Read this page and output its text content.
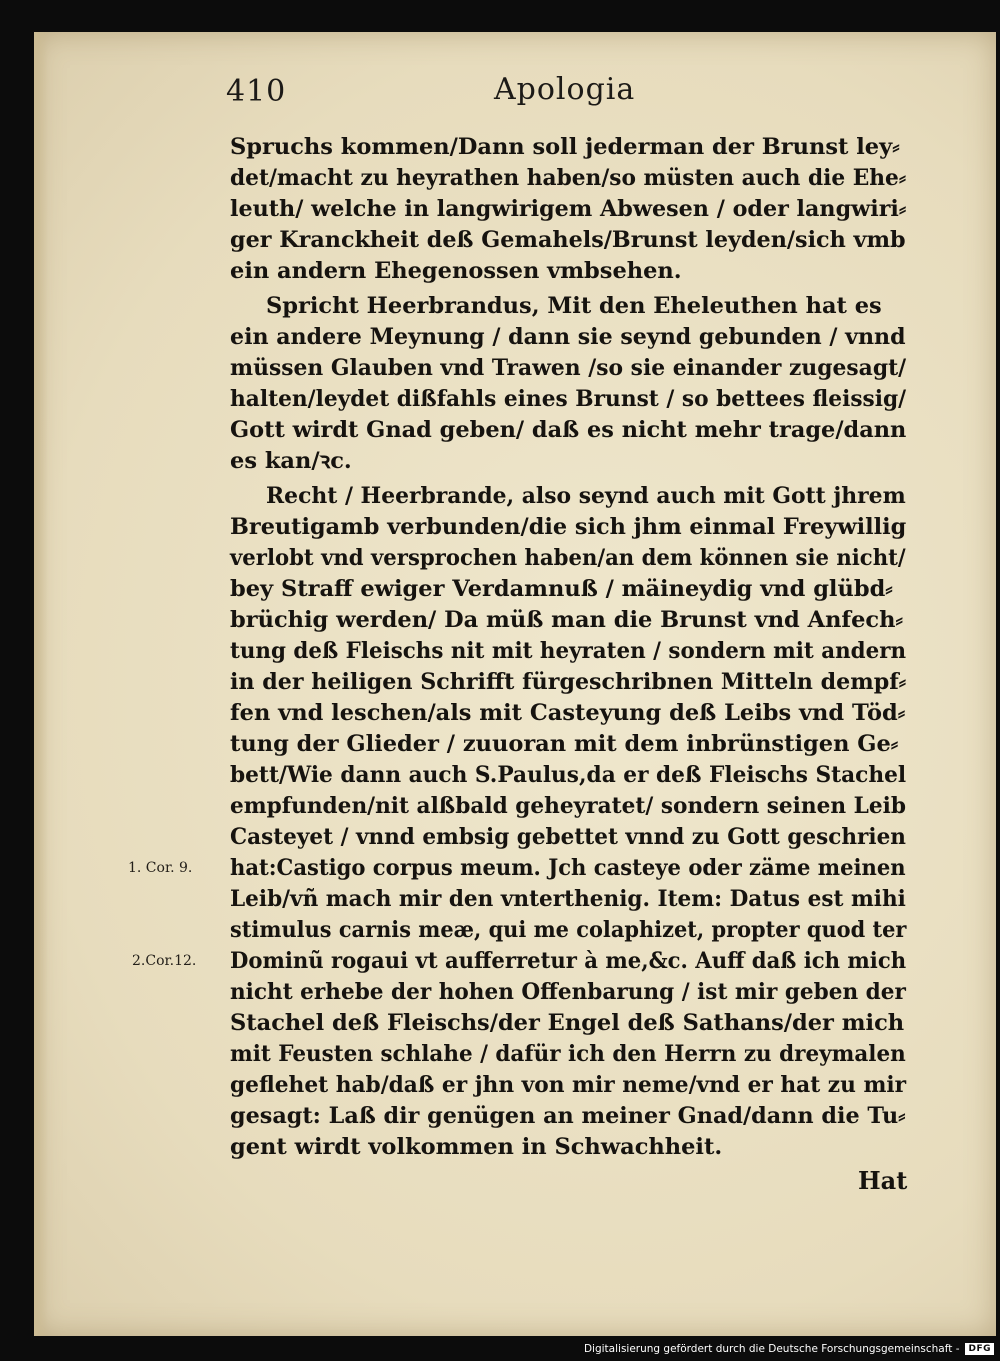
410	Apologia
Spruchs kommen/Dann soll jederman der Brunst ley⸗
det/macht zu heyrathen haben/so müsten auch die Ehe⸗
leuth/ welche in langwirigem Abwesen / oder langwiri⸗
ger Kranckheit deß Gemahels/Brunst leyden/sich vmb
ein andern Ehegenossen vmbsehen.
Spricht Heerbrandus, Mit den Eheleuthen hat es
ein andere Meynung / dann sie seynd gebunden / vnnd
müssen Glauben vnd Trawen /so sie einander zugesagt/
halten/leydet dißfahls eines Brunst / so bettees fleissig/
Gott wirdt Gnad geben/ daß es nicht mehr trage/dann
es kan/ꝛc.
Recht / Heerbrande, also seynd auch mit Gott jhrem
Breutigamb verbunden/die sich jhm einmal Freywillig
verlobt vnd versprochen haben/an dem können sie nicht/
bey Straff ewiger Verdamnuß / mäineydig vnd glübd⸗
brüchig werden/ Da müß man die Brunst vnd Anfech⸗
tung deß Fleischs nit mit heyraten / sondern mit andern
in der heiligen Schrifft fürgeschribnen Mitteln dempf⸗
fen vnd leschen/als mit Casteyung deß Leibs vnd Töd⸗
tung der Glieder / zuuoran mit dem inbrünstigen Ge⸗
bett/Wie dann auch S.Paulus,da er deß Fleischs Stachel
empfunden/nit alßbald geheyratet/ sondern seinen Leib
Casteyet / vnnd embsig gebettet vnnd zu Gott geschrien
hat:Castigo corpus meum. Jch casteye oder zäme meinen
Leib/vñ mach mir den vnterthenig. Item: Datus est mihi
stimulus carnis meæ, qui me colaphizet, propter quod ter
Dominũ rogaui vt aufferretur à me,&c. Auff daß ich mich
nicht erhebe der hohen Offenbarung / ist mir geben der
Stachel deß Fleischs/der Engel deß Sathans/der mich
mit Feusten schlahe / dafür ich den Herrn zu dreymalen
geflehet hab/daß er jhn von mir neme/vnd er hat zu mir
gesagt: Laß dir genügen an meiner Gnad/dann die Tu⸗
gent wirdt volkommen in Schwachheit.
1. Cor. 9.
2.Cor.12.
Hat
Digitalisierung gefördert durch die Deutsche Forschungsgemeinschaft -	DFG
